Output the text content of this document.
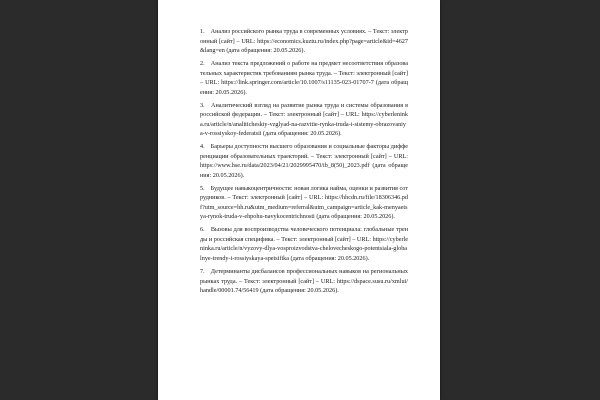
1. Анализ российского рынка труда в современных условиях. – Текст: электронный [сайт] – URL: https://economics.kuztu.ru/index.php?page=article&id=4627&lang=en (дата обращения: 20.05.2026).

2. Анализ текста предложений о работе на предмет несоответствия образовательных характеристик требованиям рынка труда. – Текст: электронный [сайт] – URL: https://link.springer.com/article/10.1007/s11135-023-01707-7 (дата обращения: 20.05.2026).

3. Аналитический взгляд на развитие рынка труда и системы образования в российской федерации. – Текст: электронный [сайт] – URL: https://cyberleninka.ru/article/n/analiticheskiy-vzglyad-na-razvitie-rynka-truda-i-sistemy-obrazovaniya-v-rossiyskoy-federatsii (дата обращения: 20.05.2026).

4. Барьеры доступности высшего образования и социальные факторы дифференциации образовательных траекторий. – Текст: электронный [сайт] – URL: https://www.hse.ru/data/2023/04/21/2029995470/ib_8(50)_2023.pdf (дата обращения: 20.05.2026).

5. Будущее навыкоцентричности: новая логика найма, оценки и развития сотрудников. – Текст: электронный [сайт] – URL: https://hhcdn.ru/file/18306346.pdf?utm_source=hh.ru&utm_medium=referral&utm_campaign=article_kak-menyaetsya-rynok-truda-v-ehpohu-navykocentrichnosti (дата обращения: 20.05.2026).

6. Вызовы для воспроизводства человеческого потенциала: глобальные тренды и российская специфика. – Текст: электронный [сайт] – URL: https://cyberleninka.ru/article/n/vyzovy-dlya-vosproizvodstva-chelovecheskogo-potentsiala-globalnye-trendy-i-rossiyskaya-spetsifika (дата обращения: 20.05.2026).

7. Детерминанты дисбалансов профессиональных навыков на региональных рынках труда. – Текст: электронный [сайт] – URL: https://dspace.susu.ru/xmlui/handle/00001.74/56419 (дата обращения: 20.05.2026).
